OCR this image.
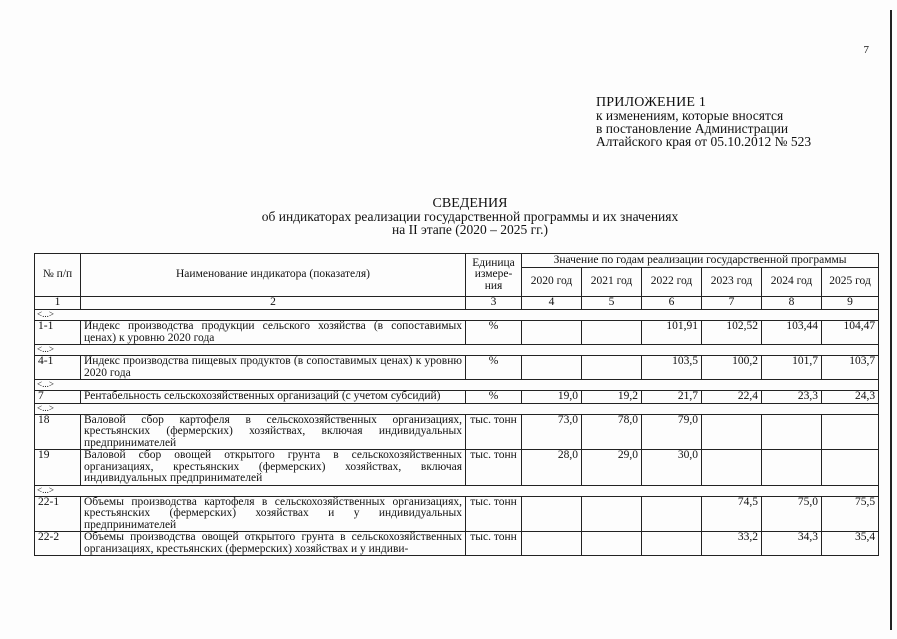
7
ПРИЛОЖЕНИЕ 1
к изменениям, которые вносятся
в постановление Администрации
Алтайского края от 05.10.2012 № 523
СВЕДЕНИЯ
об индикаторах реализации государственной программы и их значениях
на II этапе (2020 – 2025 гг.)
№ п/п	Наименование индикатора (показателя)	Единица измере-ния	Значение по годам реализации государственной программы					
			2020 год	2021 год	2022 год	2023 год	2024 год	2025 год
1	2	3	4	5	6	7	8	9
<...>								
1-1	Индекс производства продукции сельского хозяйства (в сопоставимых ценах) к уровню 2020 года	%			101,91	102,52	103,44	104,47
<...>								
4-1	Индекс производства пищевых продуктов (в сопоставимых ценах) к уровню 2020 года	%			103,5	100,2	101,7	103,7
<...>								
7	Рентабельность сельскохозяйственных организаций (с учетом субсидий)	%	19,0	19,2	21,7	22,4	23,3	24,3
<...>								
18	Валовой сбор картофеля в сельскохозяйственных организациях, крестьянских (фермерских) хозяйствах, включая индивидуальных предпринимателей	тыс. тонн	73,0	78,0	79,0			
19	Валовой сбор овощей открытого грунта в сельскохозяйственных организациях, крестьянских (фермерских) хозяйствах, включая индивидуальных предпринимателей	тыс. тонн	28,0	29,0	30,0			
<...>								
22-1	Объемы производства картофеля в сельскохозяйственных организациях, крестьянских (фермерских) хозяйствах и у индивидуальных предпринимателей	тыс. тонн				74,5	75,0	75,5
22-2	Объемы производства овощей открытого грунта в сельскохозяйственных организациях, крестьянских (фермерских) хозяйствах и у индиви-	тыс. тонн				33,2	34,3	35,4
